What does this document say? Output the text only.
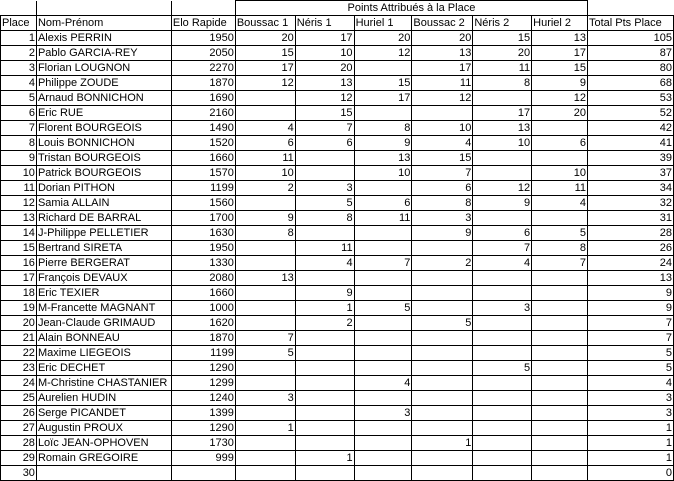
			Points Attribués à la Place						
Place	Nom-Prénom	Elo Rapide	Boussac 1	Néris 1	Huriel 1	Boussac 2	Néris 2	Huriel 2	Total Pts Place
1	Alexis PERRIN	1950	20	17	20	20	15	13	105
2	Pablo GARCIA-REY	2050	15	10	12	13	20	17	87
3	Florian LOUGNON	2270	17	20		17	11	15	80
4	Philippe ZOUDE	1870	12	13	15	11	8	9	68
5	Arnaud BONNICHON	1690		12	17	12		12	53
6	Eric RUE	2160		15			17	20	52
7	Florent BOURGEOIS	1490	4	7	8	10	13		42
8	Louis BONNICHON	1520	6	6	9	4	10	6	41
9	Tristan BOURGEOIS	1660	11		13	15			39
10	Patrick BOURGEOIS	1570	10		10	7		10	37
11	Dorian PITHON	1199	2	3		6	12	11	34
12	Samia ALLAIN	1560		5	6	8	9	4	32
13	Richard DE BARRAL	1700	9	8	11	3			31
14	J-Philippe PELLETIER	1630	8			9	6	5	28
15	Bertrand SIRETA	1950		11			7	8	26
16	Pierre BERGERAT	1330		4	7	2	4	7	24
17	François DEVAUX	2080	13						13
18	Eric TEXIER	1660		9					9
19	M-Francette MAGNANT	1000		1	5		3		9
20	Jean-Claude GRIMAUD	1620		2		5			7
21	Alain BONNEAU	1870	7						7
22	Maxime LIEGEOIS	1199	5						5
23	Eric DECHET	1290					5		5
24	M-Christine CHASTANIER	1299			4				4
25	Aurelien HUDIN	1240	3						3
26	Serge PICANDET	1399			3				3
27	Augustin PROUX	1290	1						1
28	Loïc JEAN-OPHOVEN	1730				1			1
29	Romain GREGOIRE	999		1					1
30									0
